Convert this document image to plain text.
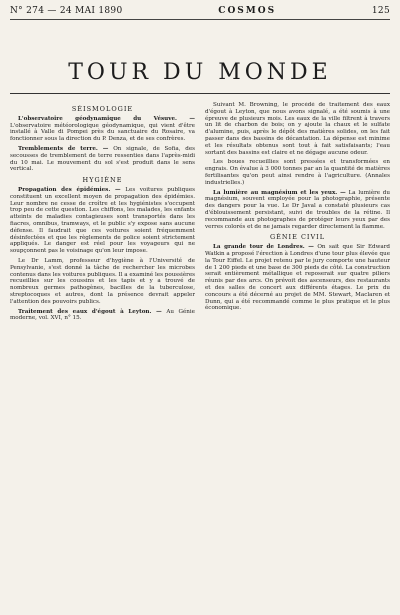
N° 274 — 24 MAI 1890	COSMOS	125
TOUR DU MONDE
SÉISMOLOGIE

L'observatoire géodynamique du Vésuve. — L'observatoire météorologique géodynamique, qui vient d'être installé à Valle di Pompei près du sanctuaire du Rosaire, va fonctionner sous la direction du P. Denza, et de ses confrères.

Tremblements de terre. — On signale, de Sofia, des secousses de tremblement de terre ressenties dans l'après-midi du 10 mai. Le mouvement du sol s'est produit dans le sens vertical.

HYGIÈNE

Propagation des épidémies. — Les voitures publiques constituent un excellent moyen de propagation des épidémies. Leur nombre ne cesse de croître et les hygiénistes s'occupent trop peu de cette question. Les chiffons, les malades, les enfants atteints de maladies contagieuses sont transportés dans les fiacres, omnibus, tramways, et le public s'y expose sans aucune défense. Il faudrait que ces voitures soient fréquemment désinfectées et que les règlements de police soient strictement appliqués. Le danger est réel pour les voyageurs qui ne soupçonnent pas le voisinage qu'on leur impose.

Le Dr Lamm, professeur d'hygiène à l'Université de Pensylvanie, s'est donné la tâche de rechercher les microbes contenus dans les voitures publiques. Il a examiné les poussières recueillies sur les coussins et les tapis et y a trouvé de nombreux germes pathogènes, bacilles de la tuberculose, streptocoques et autres, dont la présence devrait appeler l'attention des pouvoirs publics.

Traitement des eaux d'égout à Leyton. — Au Génie moderne, vol. XVI, n° 15.

Suivant M. Browning, le procédé de traitement des eaux d'égout à Leyton, que nous avons signalé, a été soumis à une épreuve de plusieurs mois. Les eaux de la ville filtrent à travers un lit de charbon de bois; on y ajoute la chaux et le sulfate d'alumine, puis, après le dépôt des matières solides, on les fait passer dans des bassins de décantation. La dépense est minime et les résultats obtenus sont tout à fait satisfaisants; l'eau sortant des bassins est claire et ne dégage aucune odeur.

Les boues recueillies sont pressées et transformées en engrais. On évalue à 3 000 tonnes par an la quantité de matières fertilisantes qu'on peut ainsi rendre à l'agriculture. (Annales industrielles.)

La lumière au magnésium et les yeux. — La lumière du magnésium, souvent employée pour la photographie, présente des dangers pour la vue. Le Dr Javal a constaté plusieurs cas d'éblouissement persistant, suivi de troubles de la rétine. Il recommande aux photographes de protéger leurs yeux par des verres colorés et de ne jamais regarder directement la flamme.

GÉNIE CIVIL

La grande tour de Londres. — On sait que Sir Edward Watkin a proposé l'érection à Londres d'une tour plus élevée que la Tour Eiffel. Le projet retenu par le jury comporte une hauteur de 1 200 pieds et une base de 300 pieds de côté. La construction serait entièrement métallique et reposerait sur quatre piliers réunis par des arcs. On prévoit des ascenseurs, des restaurants et des salles de concert aux différents étages. Le prix du concours a été décerné au projet de MM. Stewart, Maclaren et Dunn, qui a été recommandé comme le plus pratique et le plus économique.
